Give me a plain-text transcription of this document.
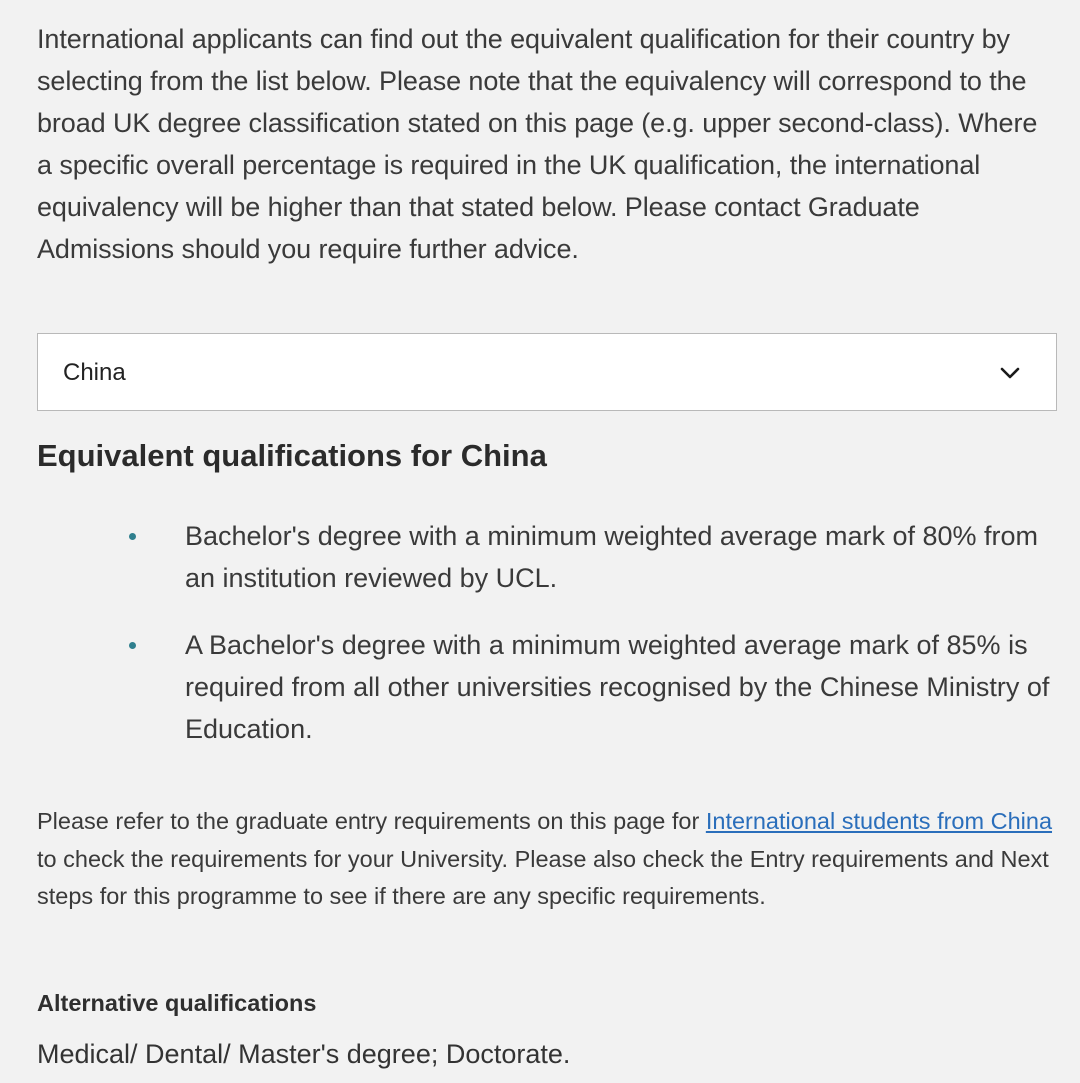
International applicants can find out the equivalent qualification for their country by selecting from the list below. Please note that the equivalency will correspond to the broad UK degree classification stated on this page (e.g. upper second-class). Where a specific overall percentage is required in the UK qualification, the international equivalency will be higher than that stated below. Please contact Graduate Admissions should you require further advice.

China
Equivalent qualifications for China
Bachelor's degree with a minimum weighted average mark of 80% from an institution reviewed by UCL.
A Bachelor's degree with a minimum weighted average mark of 85% is required from all other universities recognised by the Chinese Ministry of Education.

Please refer to the graduate entry requirements on this page for International students from China to check the requirements for your University. Please also check the Entry requirements and Next steps for this programme to see if there are any specific requirements.

Alternative qualifications

Medical/ Dental/ Master's degree; Doctorate.
